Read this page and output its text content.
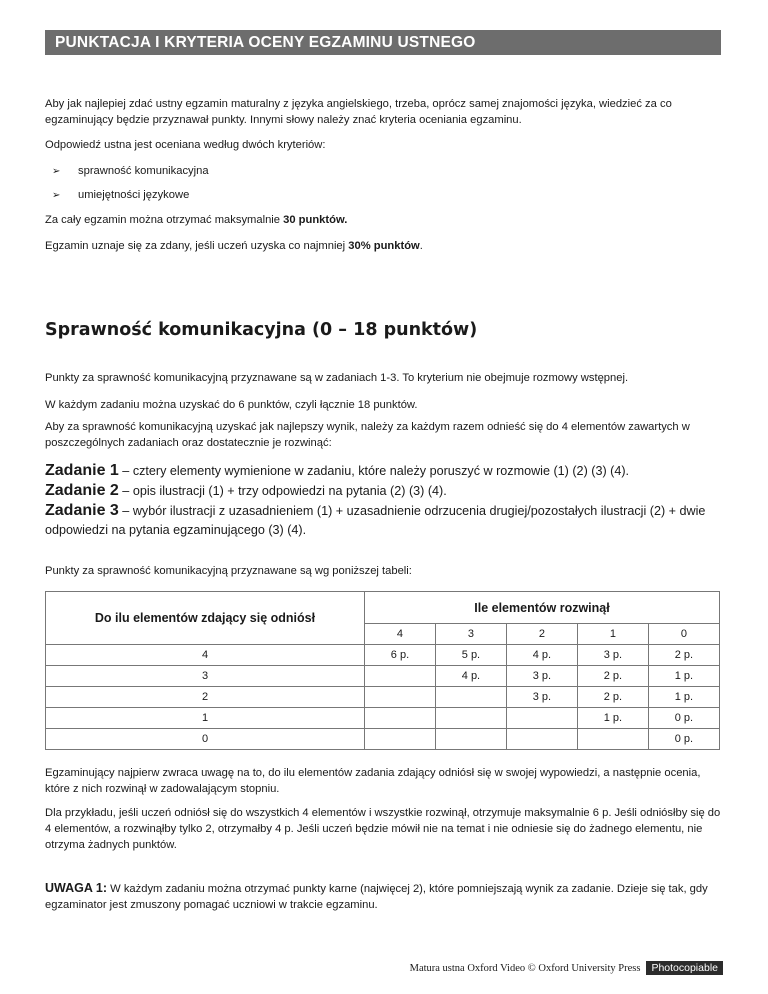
PUNKTACJA I KRYTERIA OCENY EGZAMINU USTNEGO
Aby jak najlepiej zdać ustny egzamin maturalny z języka angielskiego, trzeba, oprócz samej znajomości języka, wiedzieć za co egzaminujący będzie przyznawał punkty. Innymi słowy należy znać kryteria oceniania egzaminu.
Odpowiedź ustna jest oceniana według dwóch kryteriów:
➢ sprawność komunikacyjna
➢ umiejętności językowe
Za cały egzamin można otrzymać maksymalnie 30 punktów.
Egzamin uznaje się za zdany, jeśli uczeń uzyska co najmniej 30% punktów.
Sprawność komunikacyjna (0 – 18 punktów)
Punkty za sprawność komunikacyjną przyznawane są w zadaniach 1-3. To kryterium nie obejmuje rozmowy wstępnej.
W każdym zadaniu można uzyskać do 6 punktów, czyli łącznie 18 punktów.
Aby za sprawność komunikacyjną uzyskać jak najlepszy wynik, należy za każdym razem odnieść się do 4 elementów zawartych w poszczególnych zadaniach oraz dostatecznie je rozwinąć:
Zadanie 1 – cztery elementy wymienione w zadaniu, które należy poruszyć w rozmowie (1) (2) (3) (4).
Zadanie 2 – opis ilustracji (1) + trzy odpowiedzi na pytania (2) (3) (4).
Zadanie 3 – wybór ilustracji z uzasadnieniem (1) + uzasadnienie odrzucenia drugiej/pozostałych ilustracji (2) + dwie odpowiedzi na pytania egzaminującego (3) (4).
Punkty za sprawność komunikacyjną przyznawane są wg poniższej tabeli:
Do ilu elementów zdający się odniósł	Ile elementów rozwinął				
	4	3	2	1	0
4	6 p.	5 p.	4 p.	3 p.	2 p.
3		4 p.	3 p.	2 p.	1 p.
2			3 p.	2 p.	1 p.
1				1 p.	0 p.
0					0 p.
Egzaminujący najpierw zwraca uwagę na to, do ilu elementów zadania zdający odniósł się w swojej wypowiedzi, a następnie ocenia, które z nich rozwinął w zadowalającym stopniu.
Dla przykładu, jeśli uczeń odniósł się do wszystkich 4 elementów i wszystkie rozwinął, otrzymuje maksymalnie 6 p. Jeśli odniósłby się do 4 elementów, a rozwinąłby tylko 2, otrzymałby 4 p. Jeśli uczeń będzie mówił nie na temat i nie odniesie się do żadnego elementu, nie otrzyma żadnych punktów.
UWAGA 1: W każdym zadaniu można otrzymać punkty karne (najwięcej 2), które pomniejszają wynik za zadanie. Dzieje się tak, gdy egzaminator jest zmuszony pomagać uczniowi w trakcie egzaminu.
Matura ustna Oxford Video © Oxford University Press Photocopiable
